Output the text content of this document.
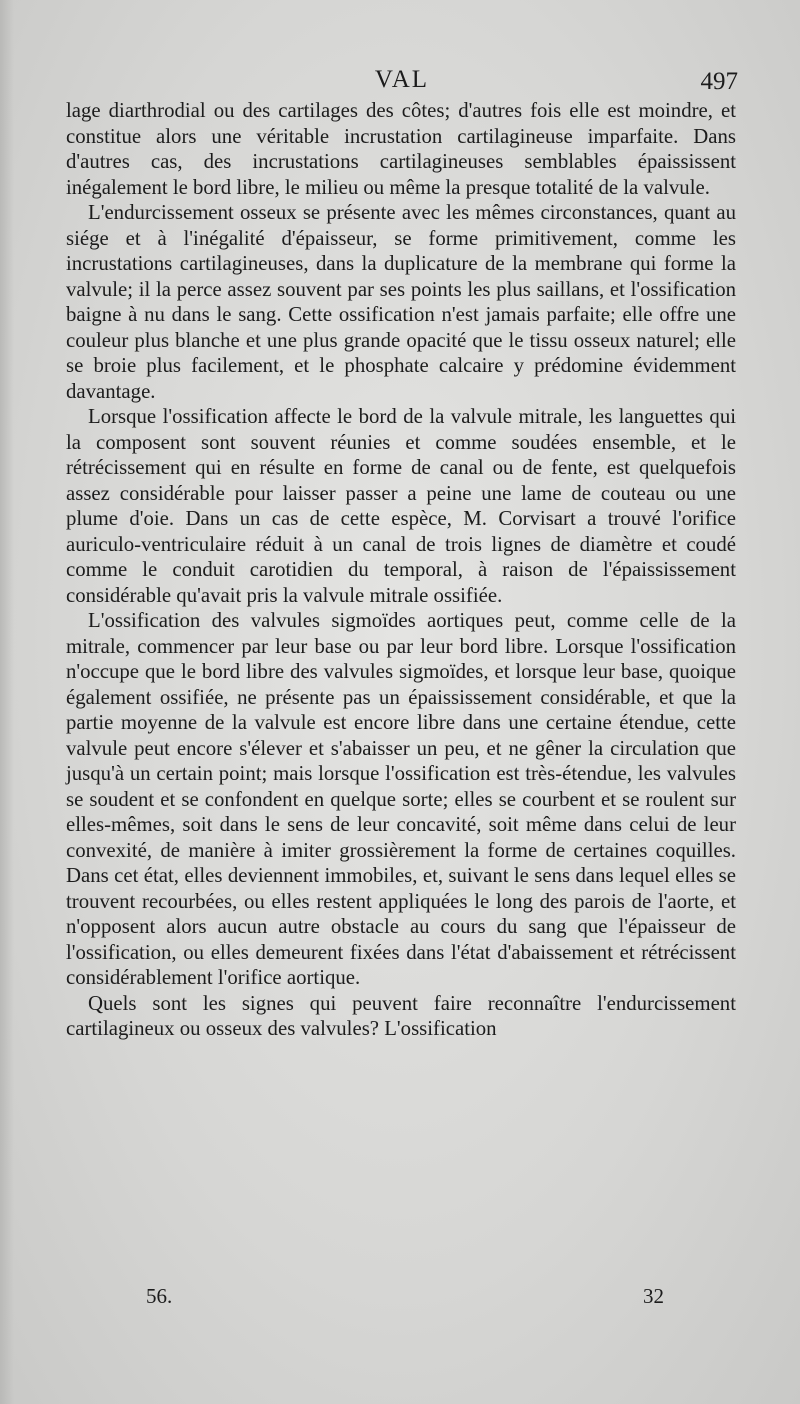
VAL	497

lage diarthrodial ou des cartilages des côtes; d'autres fois elle est moindre, et constitue alors une véritable incrustation cartilagineuse imparfaite. Dans d'autres cas, des incrustations cartilagineuses semblables épaississent inégalement le bord libre, le milieu ou même la presque totalité de la valvule.

L'endurcissement osseux se présente avec les mêmes circonstances, quant au siége et à l'inégalité d'épaisseur, se forme primitivement, comme les incrustations cartilagineuses, dans la duplicature de la membrane qui forme la valvule; il la perce assez souvent par ses points les plus saillans, et l'ossification baigne à nu dans le sang. Cette ossification n'est jamais parfaite; elle offre une couleur plus blanche et une plus grande opacité que le tissu osseux naturel; elle se broie plus facilement, et le phosphate calcaire y prédomine évidemment davantage.

Lorsque l'ossification affecte le bord de la valvule mitrale, les languettes qui la composent sont souvent réunies et comme soudées ensemble, et le rétrécissement qui en résulte en forme de canal ou de fente, est quelquefois assez considérable pour laisser passer a peine une lame de couteau ou une plume d'oie. Dans un cas de cette espèce, M. Corvisart a trouvé l'orifice auriculo-ventriculaire réduit à un canal de trois lignes de diamètre et coudé comme le conduit carotidien du temporal, à raison de l'épaississement considérable qu'avait pris la valvule mitrale ossifiée.

L'ossification des valvules sigmoïdes aortiques peut, comme celle de la mitrale, commencer par leur base ou par leur bord libre. Lorsque l'ossification n'occupe que le bord libre des valvules sigmoïdes, et lorsque leur base, quoique également ossifiée, ne présente pas un épaississement considérable, et que la partie moyenne de la valvule est encore libre dans une certaine étendue, cette valvule peut encore s'élever et s'abaisser un peu, et ne gêner la circulation que jusqu'à un certain point; mais lorsque l'ossification est très-étendue, les valvules se soudent et se confondent en quelque sorte; elles se courbent et se roulent sur elles-mêmes, soit dans le sens de leur concavité, soit même dans celui de leur convexité, de manière à imiter grossièrement la forme de certaines coquilles. Dans cet état, elles deviennent immobiles, et, suivant le sens dans lequel elles se trouvent recourbées, ou elles restent appliquées le long des parois de l'aorte, et n'opposent alors aucun autre obstacle au cours du sang que l'épaisseur de l'ossification, ou elles demeurent fixées dans l'état d'abaissement et rétrécissent considérablement l'orifice aortique.

Quels sont les signes qui peuvent faire reconnaître l'endurcissement cartilagineux ou osseux des valvules? L'ossification

56.	32
